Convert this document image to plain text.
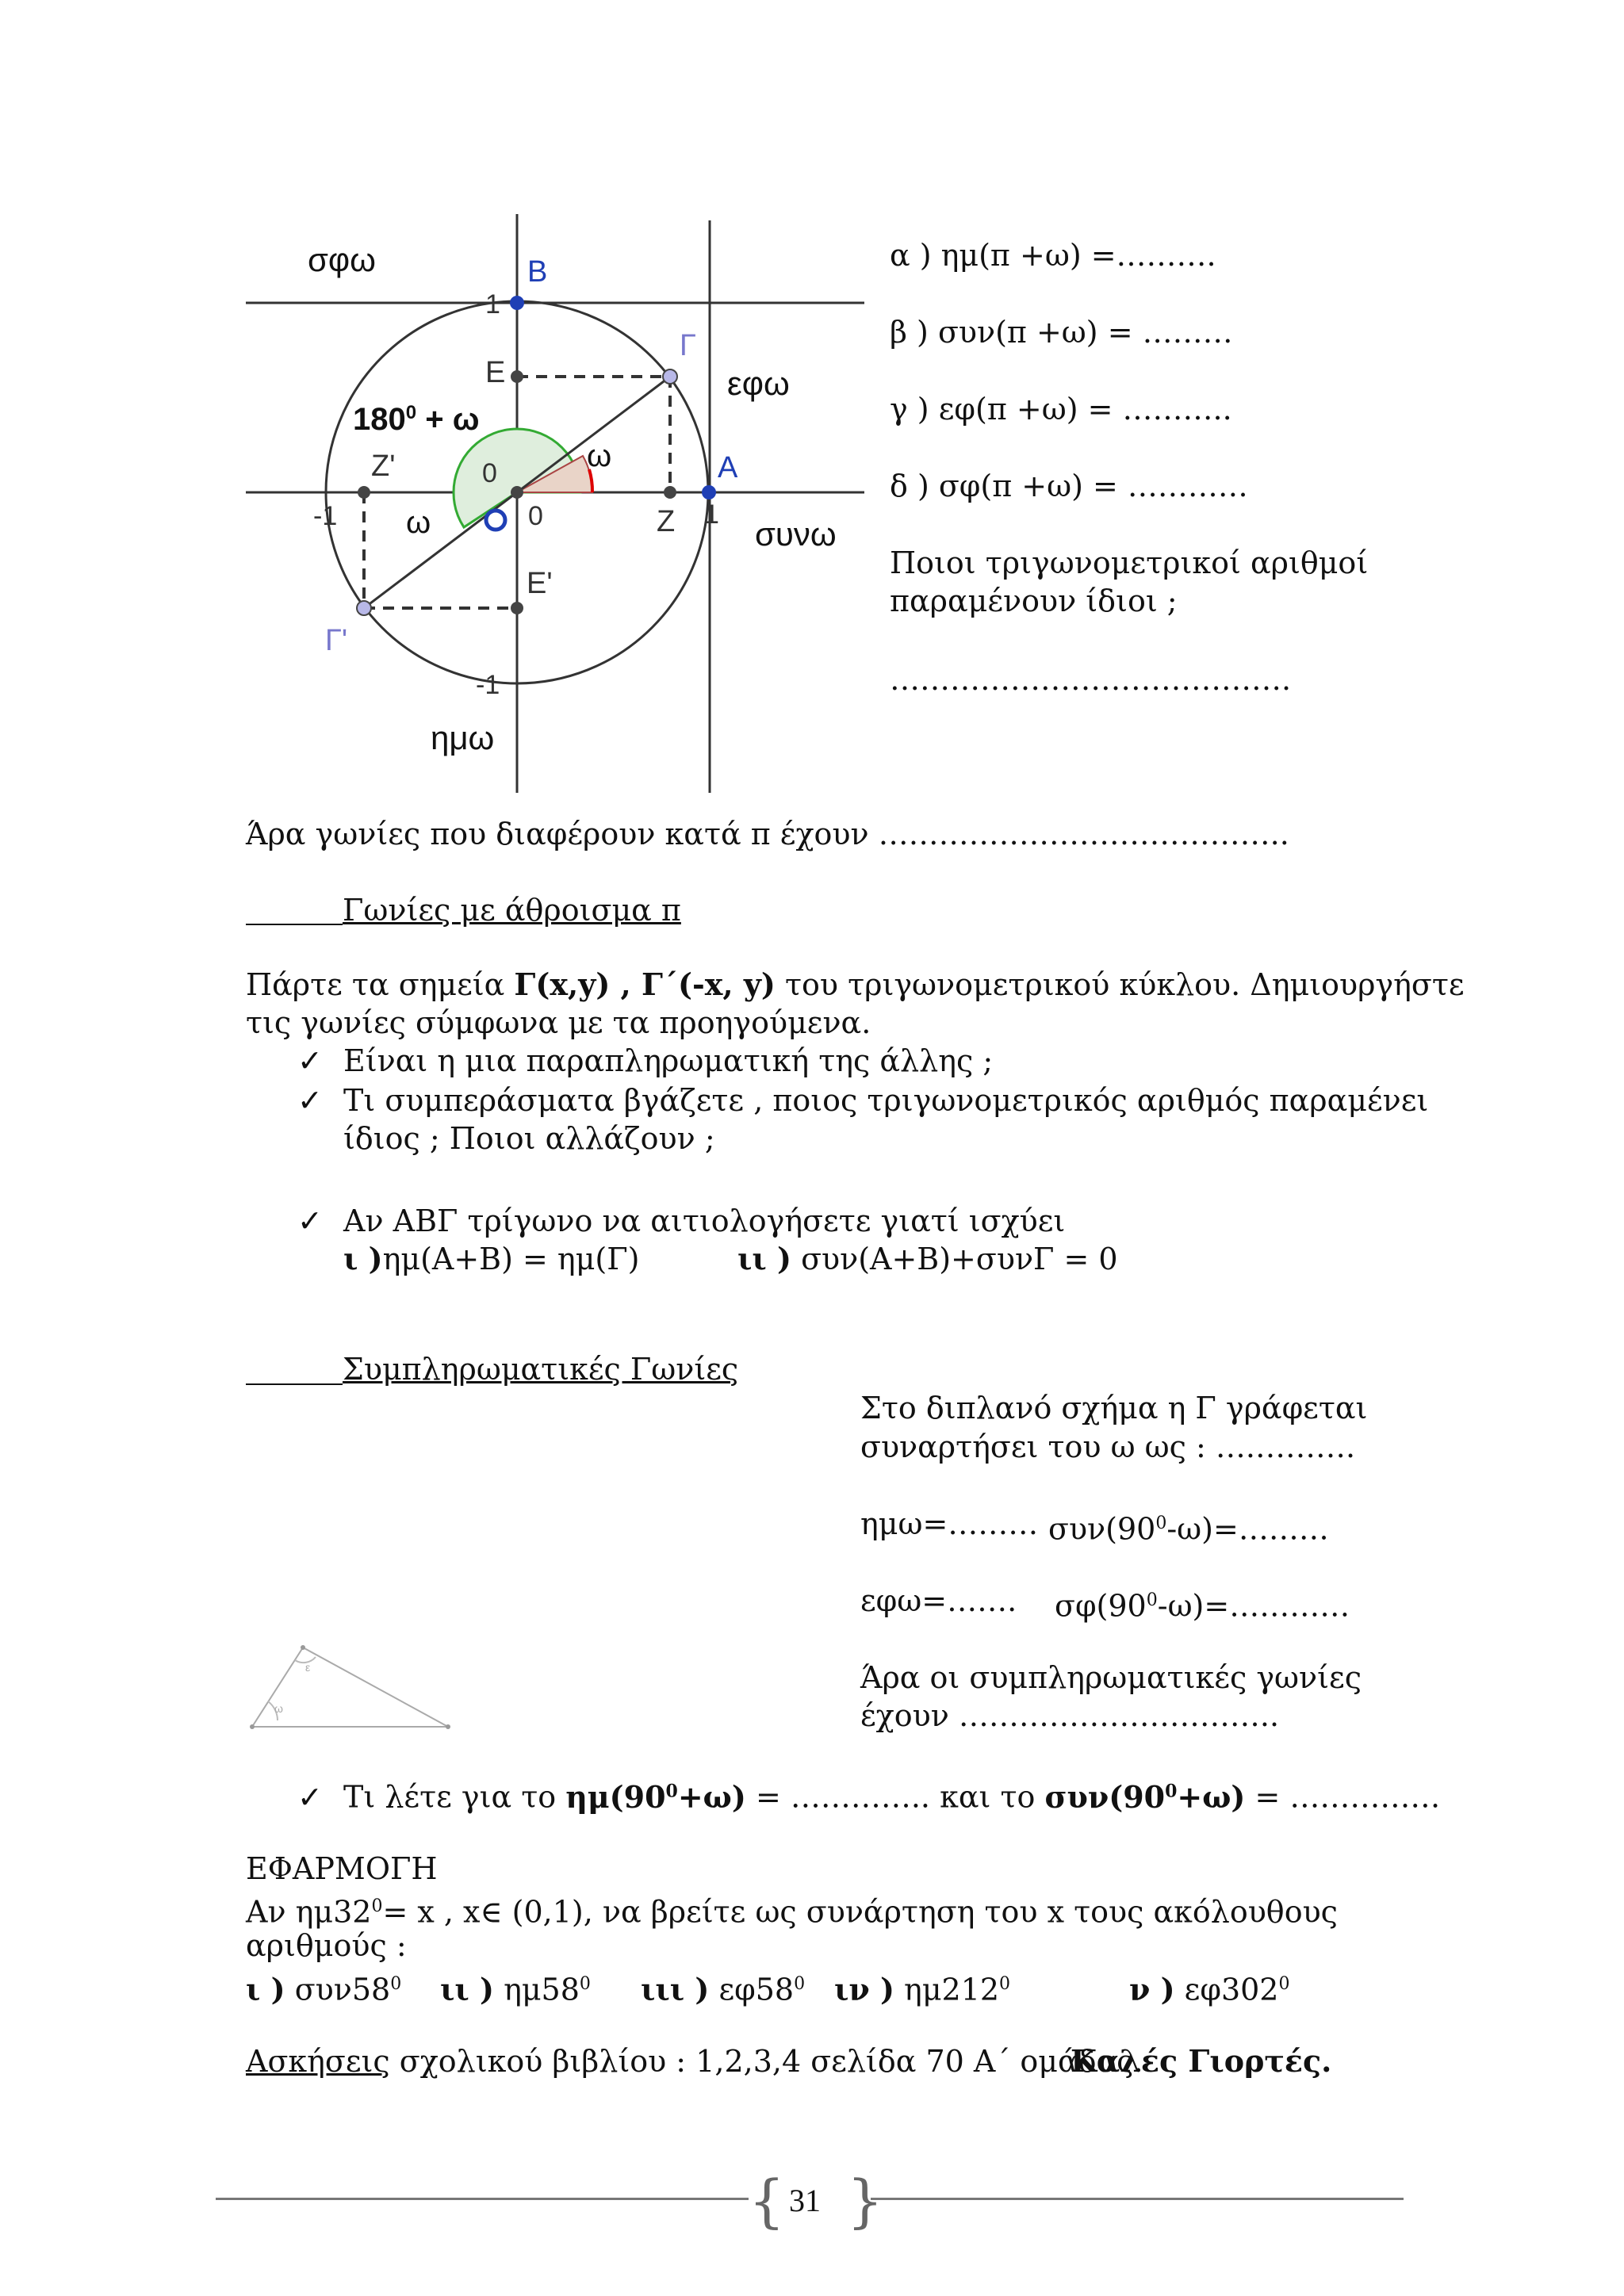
σφω
εφω
συνω
ημω
B
E
Γ
A
Z'
Z
E'
Γ'
1
1
-1
-1
0
0
ω
ω
$180^0 + \omega$
α ) ημ(π +ω) =……….
β ) συν(π +ω) = ………
γ ) εφ(π +ω) = ………..
δ ) σφ(π +ω) = …………
Ποιοι τριγωνομετρικοί αριθμοί
παραμένουν ίδιοι ;
………………………………….
Άρα γωνίες που διαφέρουν κατά π έχουν …………………………………..
Γωνίες με άθροισμα π
Πάρτε τα σημεία Γ(x,y) , Γ΄(-x, y) του τριγωνομετρικού κύκλου. Δημιουργήστε
τις γωνίες σύμφωνα με τα προηγούμενα.
✓ Είναι η μια παραπληρωματική της άλλης ;
✓ Τι συμπεράσματα βγάζετε , ποιος τριγωνομετρικός αριθμός παραμένει
ίδιος ; Ποιοι αλλάζουν ;
✓ Αν ΑΒΓ τρίγωνο να αιτιολογήσετε γιατί ισχύει
ι )ημ(Α+Β) = ημ(Γ)	ιι ) συν(Α+Β)+συνΓ = 0
Συμπληρωματικές Γωνίες
Στο διπλανό σχήμα η Γ γράφεται
συναρτήσει του ω ως : ….……….
ημω=……… $\sigma\upsilon\nu(90^0-\omega)=\dots\dots\dots$
εφω=……. $\sigma\varphi(90^0-\omega)=\dots\dots\dots\dots$
Άρα οι συμπληρωματικές γωνίες
έχουν …………………………..
ε
ω
✓ Τι λέτε για το $\eta\mu(90^0+\omega)$ = ………….. και το $\sigma\upsilon\nu(90^0+\omega)$ = ……………
ΕΦΑΡΜΟΓΗ
Αν $\eta\mu 32^0= x$ , x∈ (0,1), να βρείτε ως συνάρτηση του x τους ακόλουθους
αριθμούς :
ι ) $\sigma\upsilon\nu 58^0$ ιι ) $\eta\mu 58^0$ ιιι ) $\varepsilon\varphi 58^0$ ιν ) $\eta\mu 212^0$	ν ) $\varepsilon\varphi 302^0$
Ασκήσεις σχολικού βιβλίου : 1,2,3,4 σελίδα 70 Α΄ ομάδας.
Καλές Γιορτές.
{ }
31
